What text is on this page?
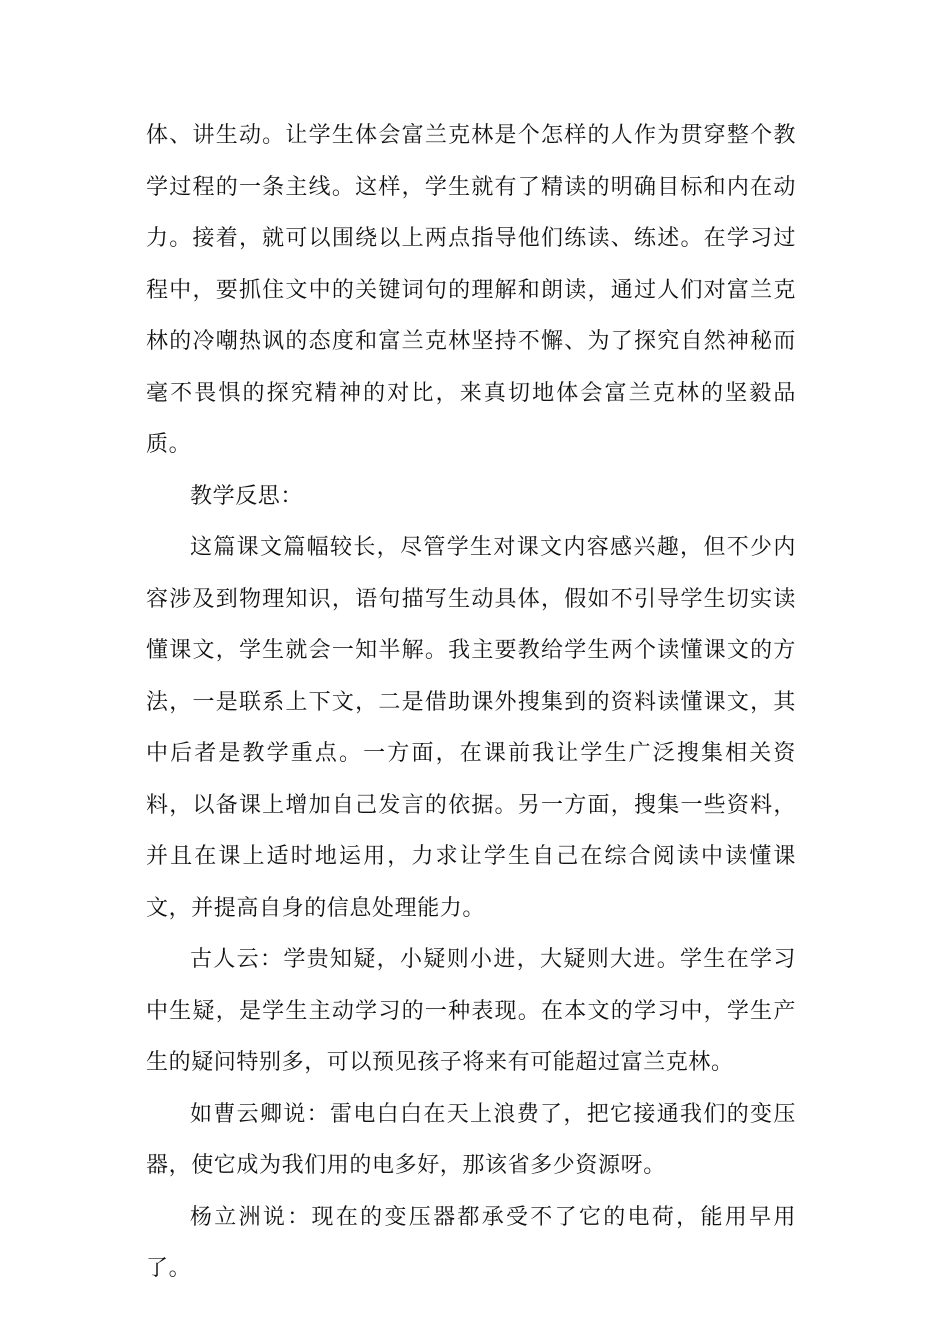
体、讲生动。让学生体会富兰克林是个怎样的人作为贯穿整个教学过程的一条主线。这样，学生就有了精读的明确目标和内在动力。接着，就可以围绕以上两点指导他们练读、练述。在学习过程中，要抓住文中的关键词句的理解和朗读，通过人们对富兰克林的冷嘲热讽的态度和富兰克林坚持不懈、为了探究自然神秘而毫不畏惧的探究精神的对比，来真切地体会富兰克林的坚毅品质。

教学反思：

这篇课文篇幅较长，尽管学生对课文内容感兴趣，但不少内容涉及到物理知识，语句描写生动具体，假如不引导学生切实读懂课文，学生就会一知半解。我主要教给学生两个读懂课文的方法，一是联系上下文，二是借助课外搜集到的资料读懂课文，其中后者是教学重点。一方面，在课前我让学生广泛搜集相关资料，以备课上增加自己发言的依据。另一方面，搜集一些资料，并且在课上适时地运用，力求让学生自己在综合阅读中读懂课文，并提高自身的信息处理能力。

古人云：学贵知疑，小疑则小进，大疑则大进。学生在学习中生疑，是学生主动学习的一种表现。在本文的学习中，学生产生的疑问特别多，可以预见孩子将来有可能超过富兰克林。

如曹云卿说：雷电白白在天上浪费了，把它接通我们的变压器，使它成为我们用的电多好，那该省多少资源呀。

杨立洲说：现在的变压器都承受不了它的电荷，能用早用了。
